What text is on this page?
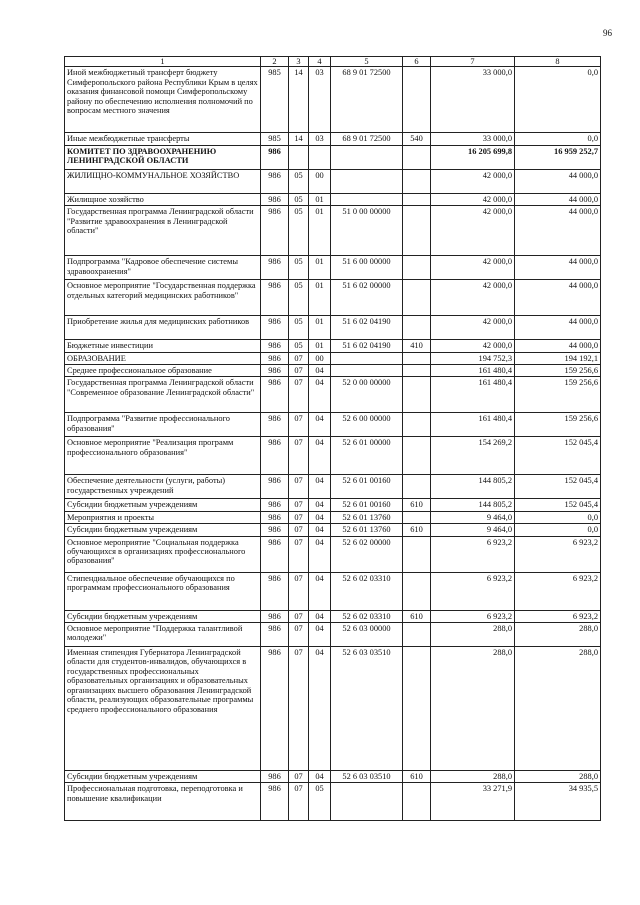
96
1	2	3	4	5	6	7	8
Иной межбюджетный трансферт бюджету Симферопольского района Республики Крым в целях оказания финансовой помощи Симферопольскому району по обеспечению исполнения полномочий по вопросам местного значения	985	14	03	68 9 01 72500		33 000,0	0,0
Иные межбюджетные трансферты	985	14	03	68 9 01 72500	540	33 000,0	0,0
КОМИТЕТ ПО ЗДРАВООХРАНЕНИЮ ЛЕНИНГРАДСКОЙ ОБЛАСТИ	986					16 205 699,8	16 959 252,7
ЖИЛИЩНО-КОММУНАЛЬНОЕ ХОЗЯЙСТВО	986	05	00			42 000,0	44 000,0
Жилищное хозяйство	986	05	01			42 000,0	44 000,0
Государственная программа Ленинградской области "Развитие здравоохранения в Ленинградской области"	986	05	01	51 0 00 00000		42 000,0	44 000,0
Подпрограмма "Кадровое обеспечение системы здравоохранения"	986	05	01	51 6 00 00000		42 000,0	44 000,0
Основное мероприятие "Государственная поддержка отдельных категорий медицинских работников"	986	05	01	51 6 02 00000		42 000,0	44 000,0
Приобретение жилья для медицинских работников	986	05	01	51 6 02 04190		42 000,0	44 000,0
Бюджетные инвестиции	986	05	01	51 6 02 04190	410	42 000,0	44 000,0
ОБРАЗОВАНИЕ	986	07	00			194 752,3	194 192,1
Среднее профессиональное образование	986	07	04			161 480,4	159 256,6
Государственная программа Ленинградской области "Современное образование Ленинградской области"	986	07	04	52 0 00 00000		161 480,4	159 256,6
Подпрограмма "Развитие профессионального образования"	986	07	04	52 6 00 00000		161 480,4	159 256,6
Основное мероприятие "Реализация программ профессионального образования"	986	07	04	52 6 01 00000		154 269,2	152 045,4
Обеспечение деятельности (услуги, работы) государственных учреждений	986	07	04	52 6 01 00160		144 805,2	152 045,4
Субсидии бюджетным учреждениям	986	07	04	52 6 01 00160	610	144 805,2	152 045,4
Мероприятия и проекты	986	07	04	52 6 01 13760		9 464,0	0,0
Субсидии бюджетным учреждениям	986	07	04	52 6 01 13760	610	9 464,0	0,0
Основное мероприятие "Социальная поддержка обучающихся в организациях профессионального образования"	986	07	04	52 6 02 00000		6 923,2	6 923,2
Стипендиальное обеспечение обучающихся по программам профессионального образования	986	07	04	52 6 02 03310		6 923,2	6 923,2
Субсидии бюджетным учреждениям	986	07	04	52 6 02 03310	610	6 923,2	6 923,2
Основное мероприятие "Поддержка талантливой молодежи"	986	07	04	52 6 03 00000		288,0	288,0
Именная стипендия Губернатора Ленинградской области для студентов-инвалидов, обучающихся в государственных профессиональных образовательных организациях и образовательных организациях высшего образования Ленинградской области, реализующих образовательные программы среднего профессионального образования	986	07	04	52 6 03 03510		288,0	288,0
Субсидии бюджетным учреждениям	986	07	04	52 6 03 03510	610	288,0	288,0
Профессиональная подготовка, переподготовка и повышение квалификации	986	07	05			33 271,9	34 935,5
